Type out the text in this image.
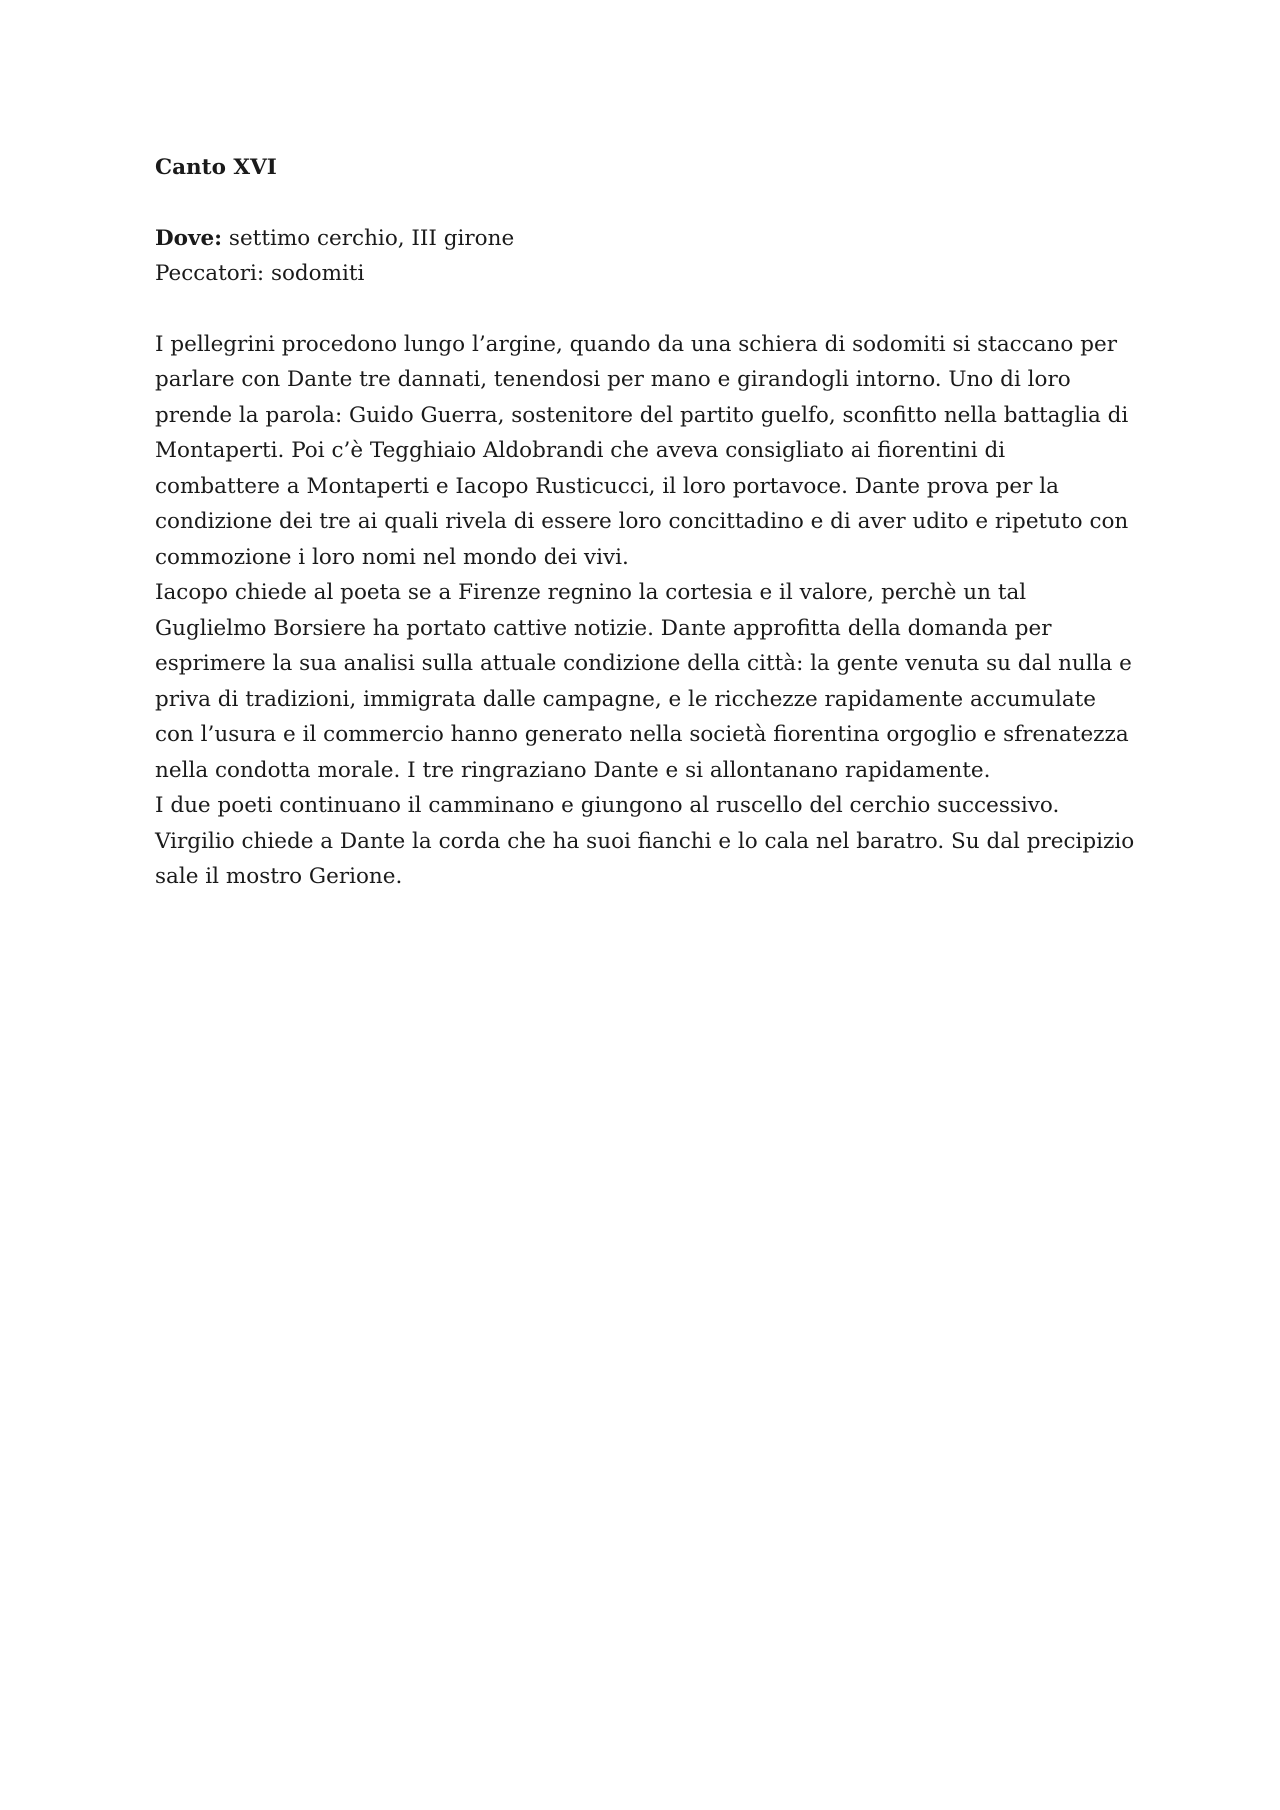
Canto XVI
Dove: settimo cerchio, III girone
Peccatori: sodomiti

I pellegrini procedono lungo l’argine, quando da una schiera di sodomiti si staccano per parlare con Dante tre dannati, tenendosi per mano e girandogli intorno. Uno di loro prende la parola: Guido Guerra, sostenitore del partito guelfo, sconfitto nella battaglia di Montaperti. Poi c’è Tegghiaio Aldobrandi che aveva consigliato ai fiorentini di combattere a Montaperti e Iacopo Rusticucci, il loro portavoce. Dante prova per la condizione dei tre ai quali rivela di essere loro concittadino e di aver udito e ripetuto con commozione i loro nomi nel mondo dei vivi.

Iacopo chiede al poeta se a Firenze regnino la cortesia e il valore, perchè un tal Guglielmo Borsiere ha portato cattive notizie. Dante approfitta della domanda per esprimere la sua analisi sulla attuale condizione della città: la gente venuta su dal nulla e priva di tradizioni, immigrata dalle campagne, e le ricchezze rapidamente accumulate con l’usura e il commercio hanno generato nella società fiorentina orgoglio e sfrenatezza nella condotta morale. I tre ringraziano Dante e si allontanano rapidamente.

I due poeti continuano il camminano e giungono al ruscello del cerchio successivo. Virgilio chiede a Dante la corda che ha suoi fianchi e lo cala nel baratro. Su dal precipizio sale il mostro Gerione.
